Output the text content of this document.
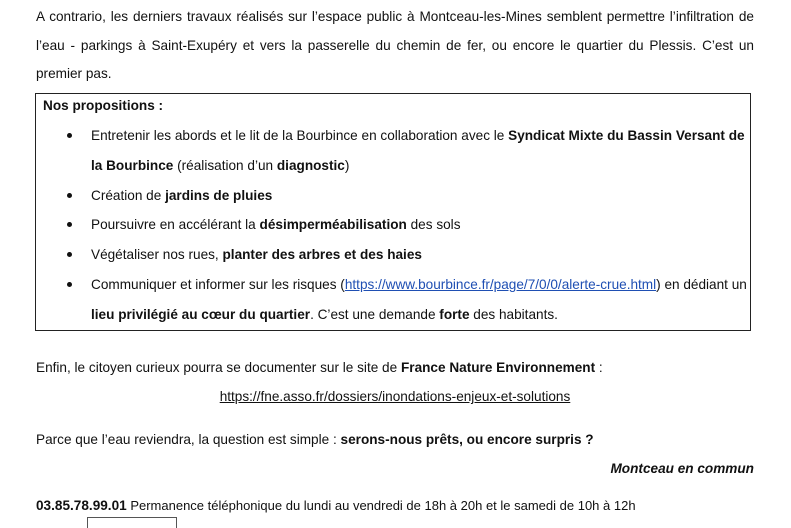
A contrario, les derniers travaux réalisés sur l’espace public à Montceau-les-Mines semblent permettre l’infiltration de l’eau - parkings à Saint-Exupéry et vers la passerelle du chemin de fer, ou encore le quartier du Plessis. C’est un premier pas.

Nos propositions :
Entretenir les abords et le lit de la Bourbince en collaboration avec le Syndicat Mixte du Bassin Versant de la Bourbince (réalisation d’un diagnostic)
Création de jardins de pluies
Poursuivre en accélérant la désimperméabilisation des sols
Végétaliser nos rues, planter des arbres et des haies
Communiquer et informer sur les risques (https://www.bourbince.fr/page/7/0/0/alerte-crue.html) en dédiant un lieu privilégié au cœur du quartier. C’est une demande forte des habitants.

Enfin, le citoyen curieux pourra se documenter sur le site de France Nature Environnement :

https://fne.asso.fr/dossiers/inondations-enjeux-et-solutions

Parce que l’eau reviendra, la question est simple : serons-nous prêts, ou encore surpris ?

Montceau en commun

03.85.78.99.01 Permanence téléphonique du lundi au vendredi de 18h à 20h et le samedi de 10h à 12h
